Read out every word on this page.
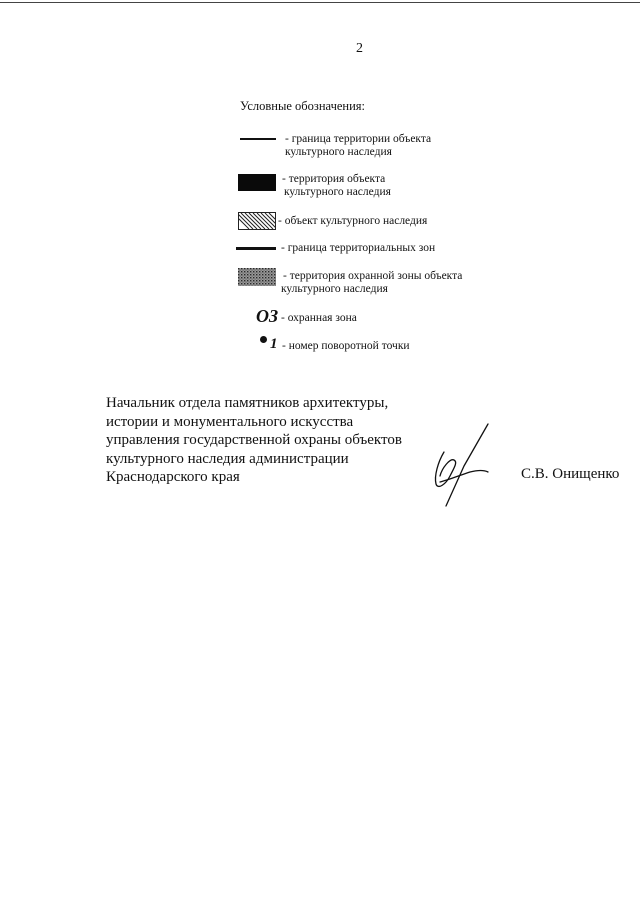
2
Условные обозначения:
- граница территории объекта
культурного наследия
- территория объекта
культурного наследия
- объект культурного наследия
- граница территориальных зон
- территория охранной зоны объекта
культурного наследия
ОЗ - охранная зона
1 - номер поворотной точки
Начальник отдела памятников архитектуры,
истории и монументального искусства
управления государственной охраны объектов
культурного наследия администрации
Краснодарского края	С.В. Онищенко
